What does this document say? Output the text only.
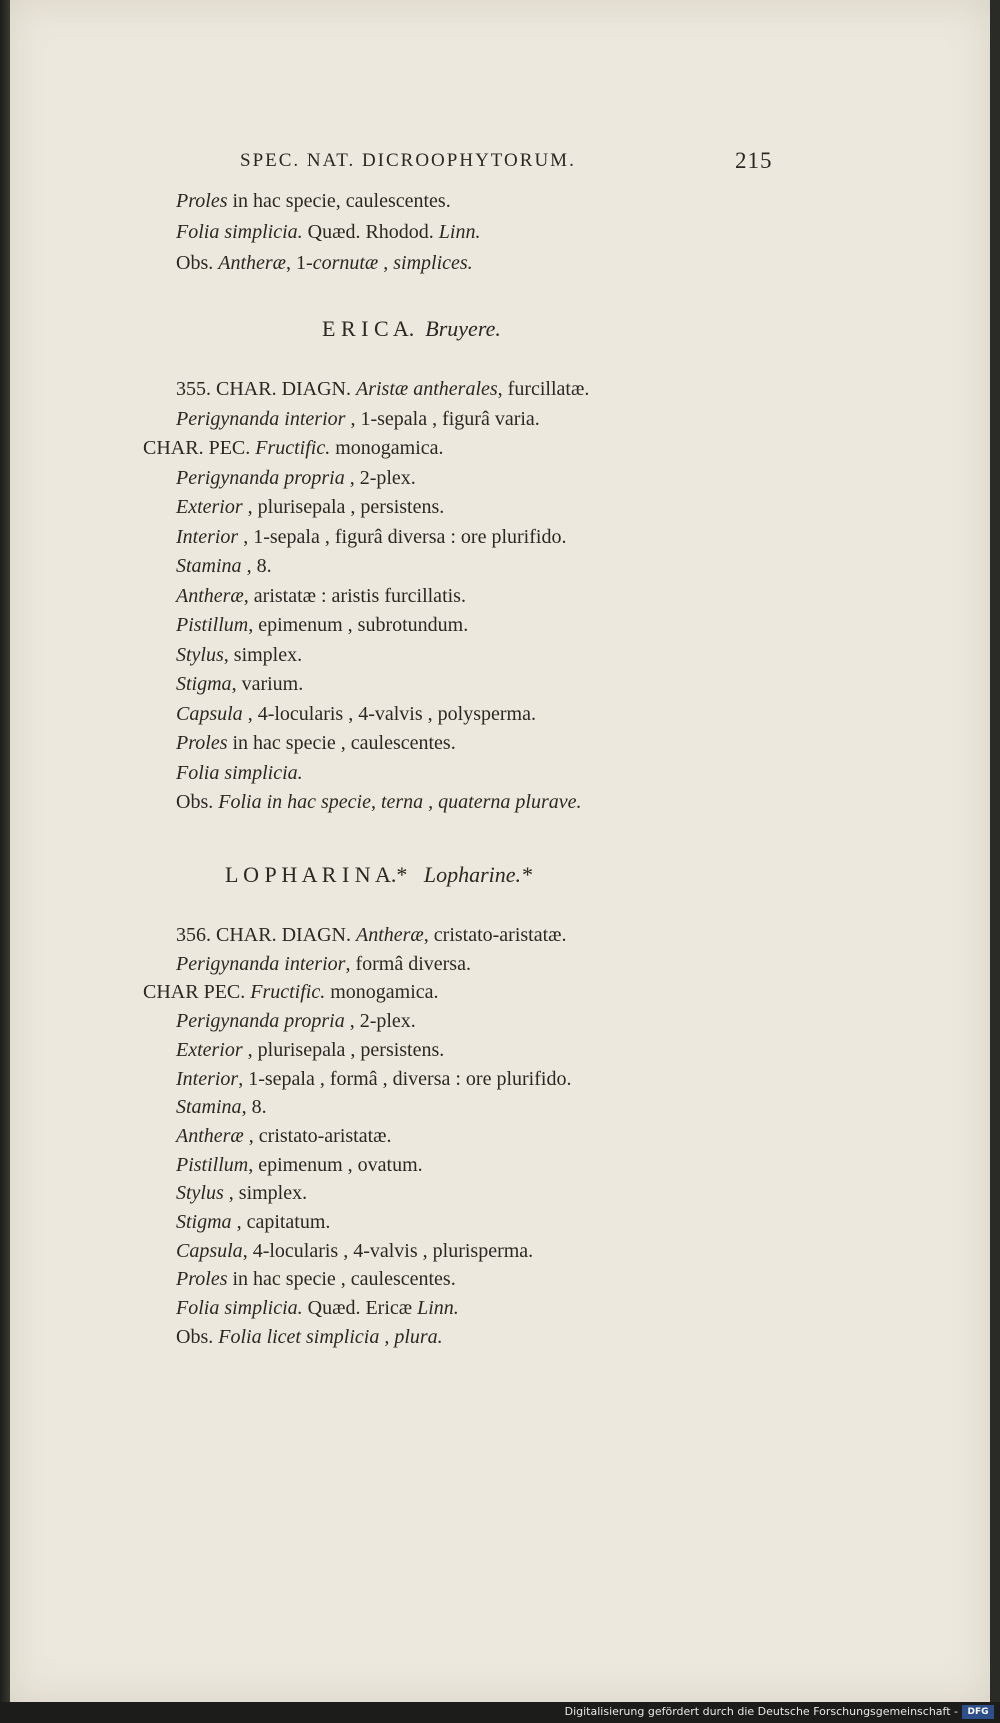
SPEC. NAT. DICROOPHYTORUM.	215
Proles in hac specie, caulescentes.
Folia simplicia. Quæd. Rhodod. Linn.
Obs. Antheræ, 1-cornutæ , simplices.
E R I C A. Bruyere.
355. CHAR. DIAGN. Aristæ antherales, furcillatæ.
Perigynanda interior , 1-sepala , figurâ varia.
CHAR. PEC. Fructific. monogamica.
Perigynanda propria , 2-plex.
Exterior , plurisepala , persistens.
Interior , 1-sepala , figurâ diversa : ore plurifido.
Stamina , 8.
Antheræ, aristatæ : aristis furcillatis.
Pistillum, epimenum , subrotundum.
Stylus, simplex.
Stigma, varium.
Capsula , 4-locularis , 4-valvis , polysperma.
Proles in hac specie , caulescentes.
Folia simplicia.
Obs. Folia in hac specie, terna , quaterna plurave.
L O P H A R I N A.* Lopharine.*
356. CHAR. DIAGN. Antheræ, cristato-aristatæ.
Perigynanda interior, formâ diversa.
CHAR PEC. Fructific. monogamica.
Perigynanda propria , 2-plex.
Exterior , plurisepala , persistens.
Interior, 1-sepala , formâ , diversa : ore plurifido.
Stamina, 8.
Antheræ , cristato-aristatæ.
Pistillum, epimenum , ovatum.
Stylus , simplex.
Stigma , capitatum.
Capsula, 4-locularis , 4-valvis , plurisperma.
Proles in hac specie , caulescentes.
Folia simplicia. Quæd. Ericæ Linn.
Obs. Folia licet simplicia , plura.
Digitalisierung gefördert durch die Deutsche Forschungsgemeinschaft -	DFG
